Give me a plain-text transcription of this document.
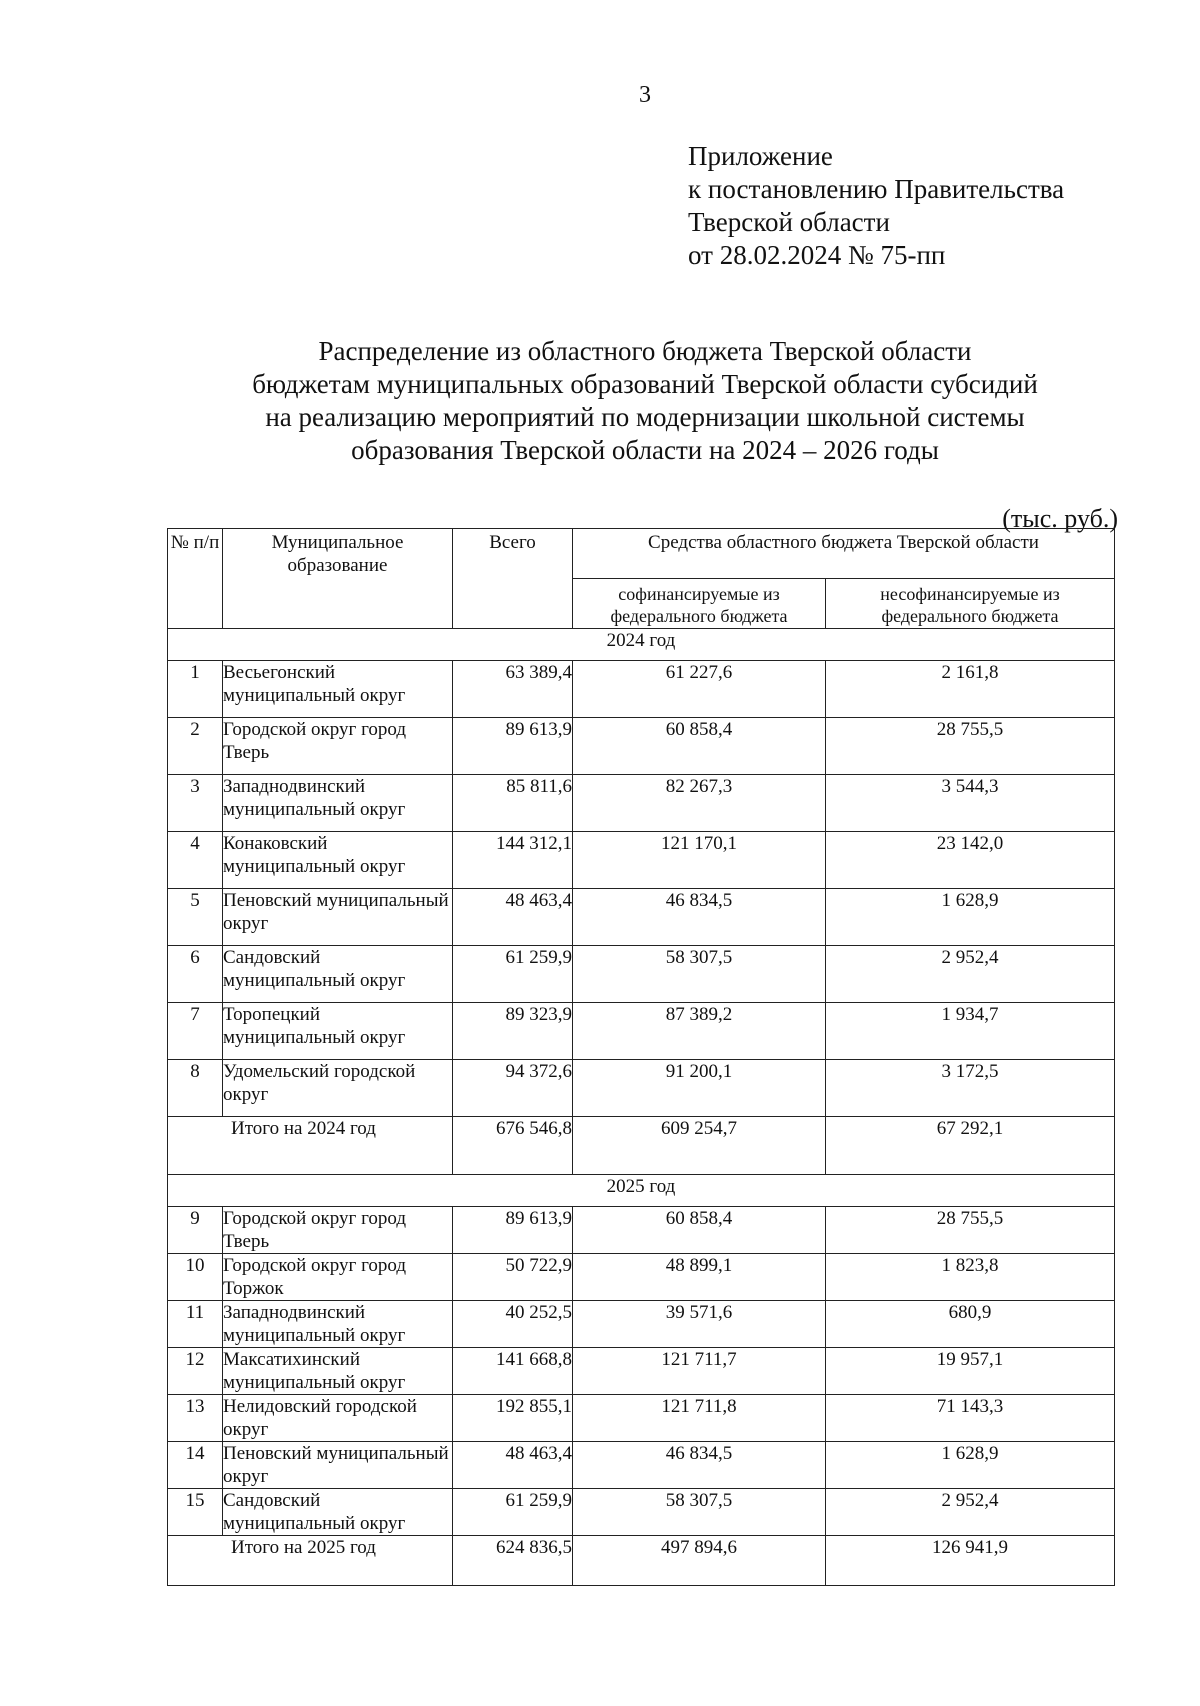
3
Приложение
к постановлению Правительства
Тверской области
от 28.02.2024 № 75-пп
Распределение из областного бюджета Тверской области
бюджетам муниципальных образований Тверской области субсидий
на реализацию мероприятий по модернизации школьной системы
образования Тверской области на 2024 – 2026 годы
(тыс. руб.)
№ п/п	Муниципальное образование	Всего	Средства областного бюджета Тверской области	
			софинансируемые из федерального бюджета	несофинансируемые из федерального бюджета
2024 год				
1	Весьегонский муниципальный округ	63 389,4	61 227,6	2 161,8
2	Городской округ город Тверь	89 613,9	60 858,4	28 755,5
3	Западнодвинский муниципальный округ	85 811,6	82 267,3	3 544,3
4	Конаковский муниципальный округ	144 312,1	121 170,1	23 142,0
5	Пеновский муниципальный округ	48 463,4	46 834,5	1 628,9
6	Сандовский муниципальный округ	61 259,9	58 307,5	2 952,4
7	Торопецкий муниципальный округ	89 323,9	87 389,2	1 934,7
8	Удомельский городской округ	94 372,6	91 200,1	3 172,5
Итого на 2024 год		676 546,8	609 254,7	67 292,1
2025 год				
9	Городской округ город Тверь	89 613,9	60 858,4	28 755,5
10	Городской округ город Торжок	50 722,9	48 899,1	1 823,8
11	Западнодвинский муниципальный округ	40 252,5	39 571,6	680,9
12	Максатихинский муниципальный округ	141 668,8	121 711,7	19 957,1
13	Нелидовский городской округ	192 855,1	121 711,8	71 143,3
14	Пеновский муниципальный округ	48 463,4	46 834,5	1 628,9
15	Сандовский муниципальный округ	61 259,9	58 307,5	2 952,4
Итого на 2025 год		624 836,5	497 894,6	126 941,9
